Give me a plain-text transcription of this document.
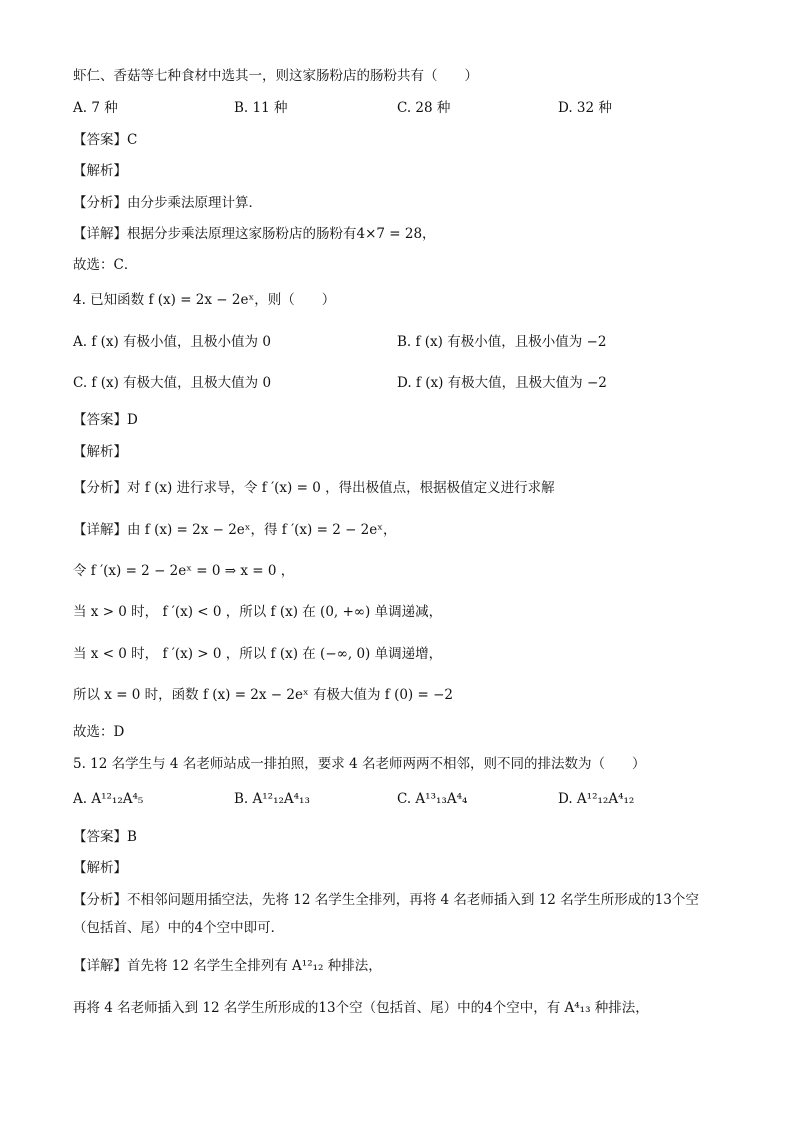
虾仁、香菇等七种食材中选其一，则这家肠粉店的肠粉共有（　　）
A. 7 种	B. 11 种	C. 28 种	D. 32 种
【答案】C
【解析】
【分析】由分步乘法原理计算．
【详解】根据分步乘法原理这家肠粉店的肠粉有4×7 = 28，
故选：C．
4. 已知函数 f (x) = 2x − 2eˣ，则（　　）
A. f (x) 有极小值，且极小值为 0	B. f (x) 有极小值，且极小值为 −2
C. f (x) 有极大值，且极大值为 0	D. f (x) 有极大值，且极大值为 −2
【答案】D
【解析】
【分析】对 f (x) 进行求导，令 f ′(x) = 0 ，得出极值点，根据极值定义进行求解
【详解】由 f (x) = 2x − 2eˣ，得 f ′(x) = 2 − 2eˣ，
令 f ′(x) = 2 − 2eˣ = 0 ⇒ x = 0 ，
当 x > 0 时， f ′(x) < 0 ，所以 f (x) 在 (0, +∞) 单调递减，
当 x < 0 时， f ′(x) > 0 ，所以 f (x) 在 (−∞, 0) 单调递增，
所以 x = 0 时，函数 f (x) = 2x − 2eˣ 有极大值为 f (0) = −2
故选：D
5. 12 名学生与 4 名老师站成一排拍照，要求 4 名老师两两不相邻，则不同的排法数为（　　）
A. A¹²₁₂A⁴₅	B. A¹²₁₂A⁴₁₃	C. A¹³₁₃A⁴₄	D. A¹²₁₂A⁴₁₂
【答案】B
【解析】
【分析】不相邻问题用插空法，先将 12 名学生全排列，再将 4 名老师插入到 12 名学生所形成的13个空（包括首、尾）中的4个空中即可．
【详解】首先将 12 名学生全排列有 A¹²₁₂ 种排法，
再将 4 名老师插入到 12 名学生所形成的13个空（包括首、尾）中的4个空中，有 A⁴₁₃ 种排法，
